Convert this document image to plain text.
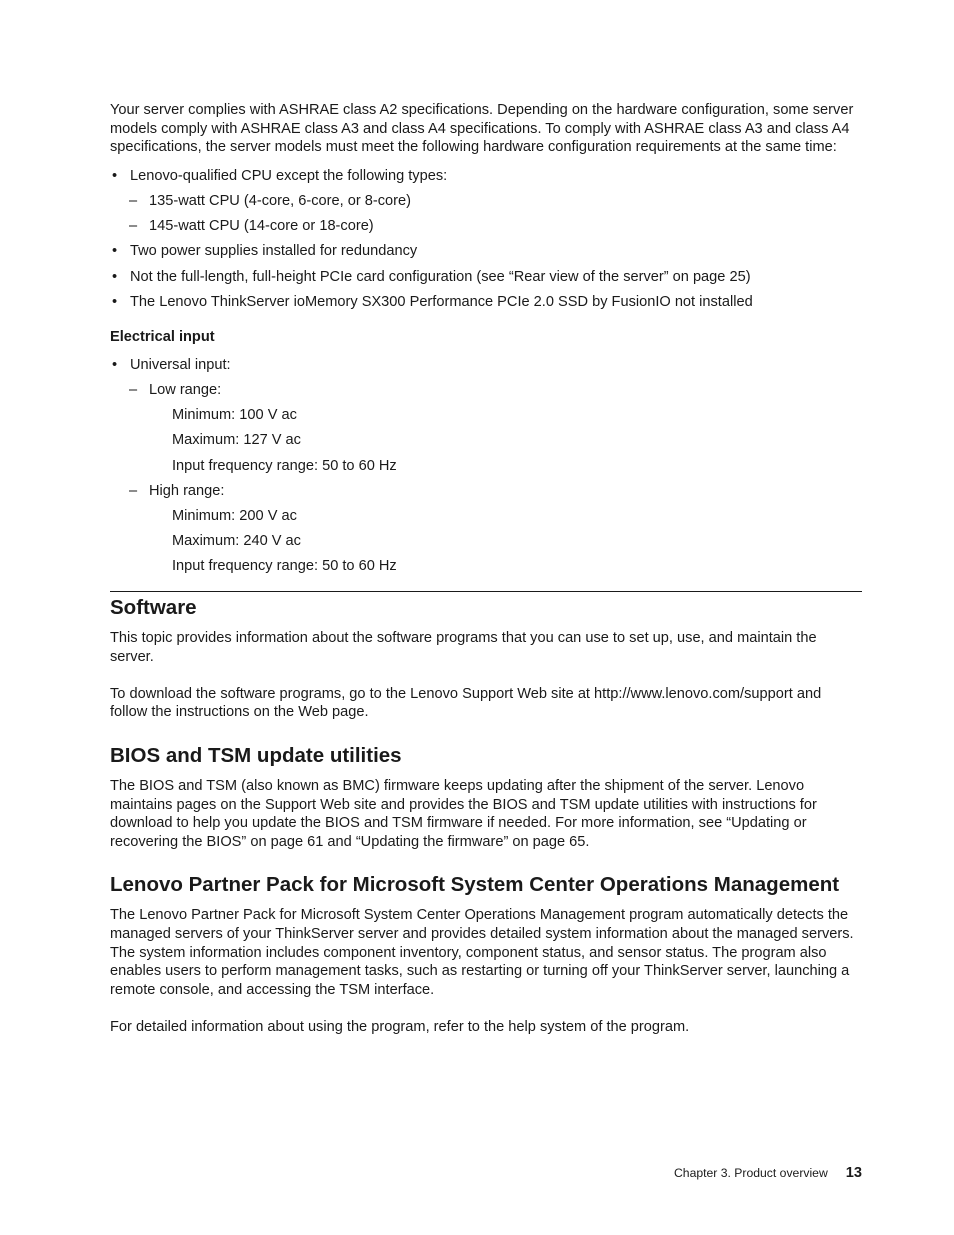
Your server complies with ASHRAE class A2 specifications. Depending on the hardware configuration, some server models comply with ASHRAE class A3 and class A4 specifications. To comply with ASHRAE class A3 and class A4 specifications, the server models must meet the following hardware configuration requirements at the same time:

• Lenovo-qualified CPU except the following types:
– 135-watt CPU (4-core, 6-core, or 8-core)
– 145-watt CPU (14-core or 18-core)
• Two power supplies installed for redundancy
• Not the full-length, full-height PCIe card configuration (see “Rear view of the server” on page 25)
• The Lenovo ThinkServer ioMemory SX300 Performance PCIe 2.0 SSD by FusionIO not installed
Electrical input
• Universal input:
– Low range:
Minimum: 100 V ac
Maximum: 127 V ac
Input frequency range: 50 to 60 Hz
– High range:
Minimum: 200 V ac
Maximum: 240 V ac
Input frequency range: 50 to 60 Hz
Software

This topic provides information about the software programs that you can use to set up, use, and maintain the server.

To download the software programs, go to the Lenovo Support Web site at http://www.lenovo.com/support and follow the instructions on the Web page.

BIOS and TSM update utilities

The BIOS and TSM (also known as BMC) firmware keeps updating after the shipment of the server. Lenovo maintains pages on the Support Web site and provides the BIOS and TSM update utilities with instructions for download to help you update the BIOS and TSM firmware if needed. For more information, see “Updating or recovering the BIOS” on page 61 and “Updating the firmware” on page 65.

Lenovo Partner Pack for Microsoft System Center Operations Management

The Lenovo Partner Pack for Microsoft System Center Operations Management program automatically detects the managed servers of your ThinkServer server and provides detailed system information about the managed servers. The system information includes component inventory, component status, and sensor status. The program also enables users to perform management tasks, such as restarting or turning off your ThinkServer server, launching a remote console, and accessing the TSM interface.

For detailed information about using the program, refer to the help system of the program.

Chapter 3. Product overview 13
